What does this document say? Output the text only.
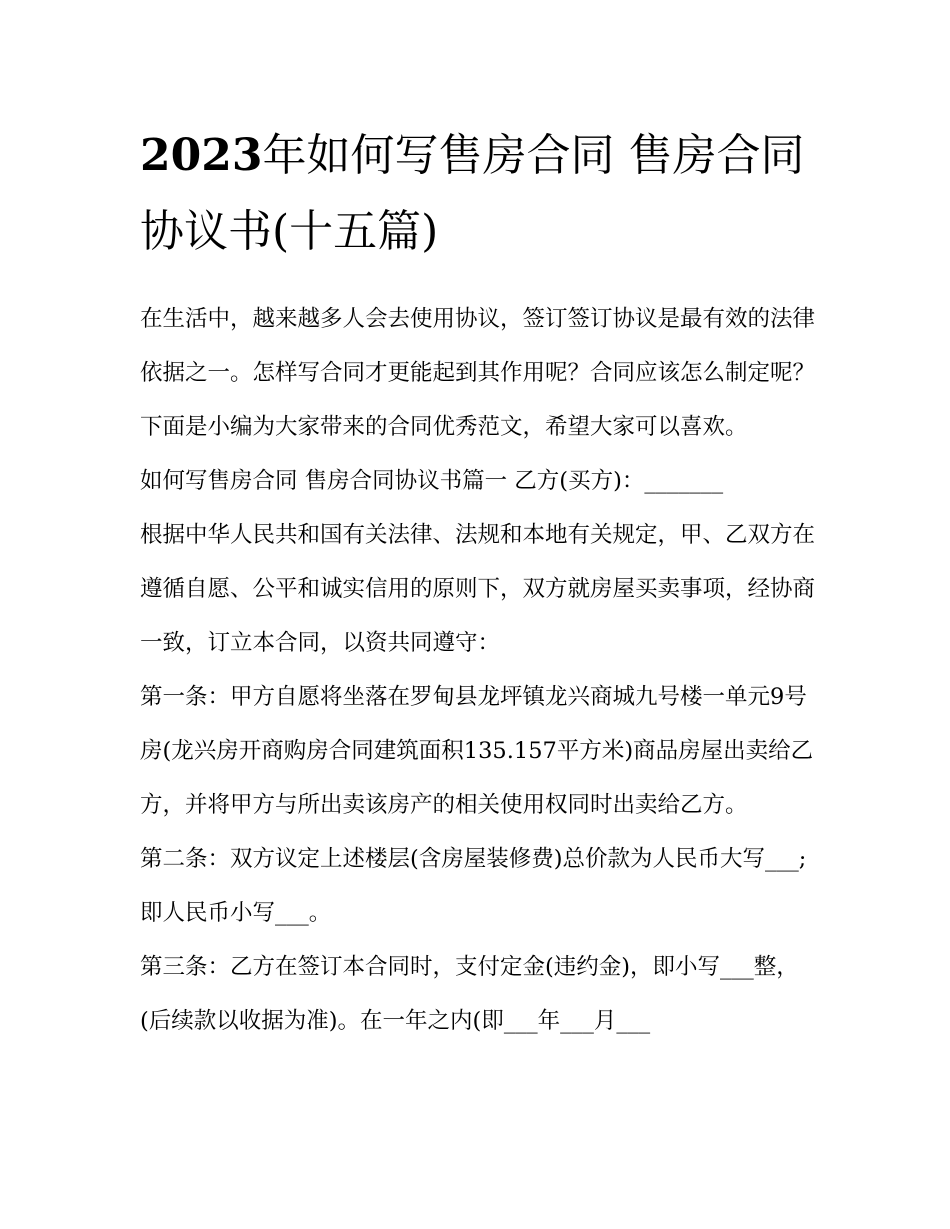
2023年如何写售房合同 售房合同协议书(十五篇)

在生活中，越来越多人会去使用协议，签订签订协议是最有效的法律依据之一。怎样写合同才更能起到其作用呢？合同应该怎么制定呢？下面是小编为大家带来的合同优秀范文，希望大家可以喜欢。

如何写售房合同 售房合同协议书篇一 乙方(买方)：_______

根据中华人民共和国有关法律、法规和本地有关规定，甲、乙双方在遵循自愿、公平和诚实信用的原则下，双方就房屋买卖事项，经协商一致，订立本合同，以资共同遵守：

第一条：甲方自愿将坐落在罗甸县龙坪镇龙兴商城九号楼一单元9号房(龙兴房开商购房合同建筑面积135.157平方米)商品房屋出卖给乙方，并将甲方与所出卖该房产的相关使用权同时出卖给乙方。

第二条：双方议定上述楼层(含房屋装修费)总价款为人民币大写___;即人民币小写___。

第三条：乙方在签订本合同时，支付定金(违约金)，即小写___整，(后续款以收据为准)。在一年之内(即___年___月___
